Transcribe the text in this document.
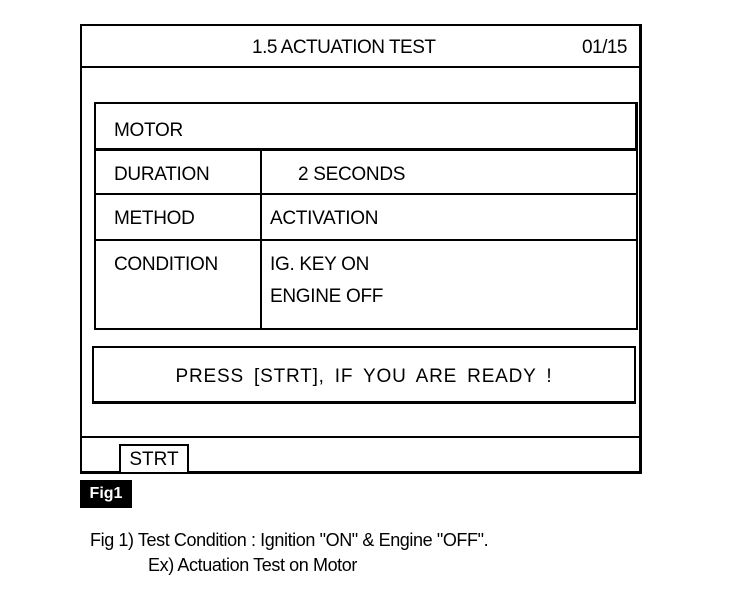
1.5 ACTUATION TEST	01/15
MOTOR	

DURATION	2 SECONDS

METHOD	ACTIVATION

CONDITION	IG. KEY ON
ENGINE OFF
PRESS [STRT], IF YOU ARE READY !
STRT
Fig1
Fig 1) Test Condition : Ignition "ON" & Engine "OFF".
Ex) Actuation Test on Motor
